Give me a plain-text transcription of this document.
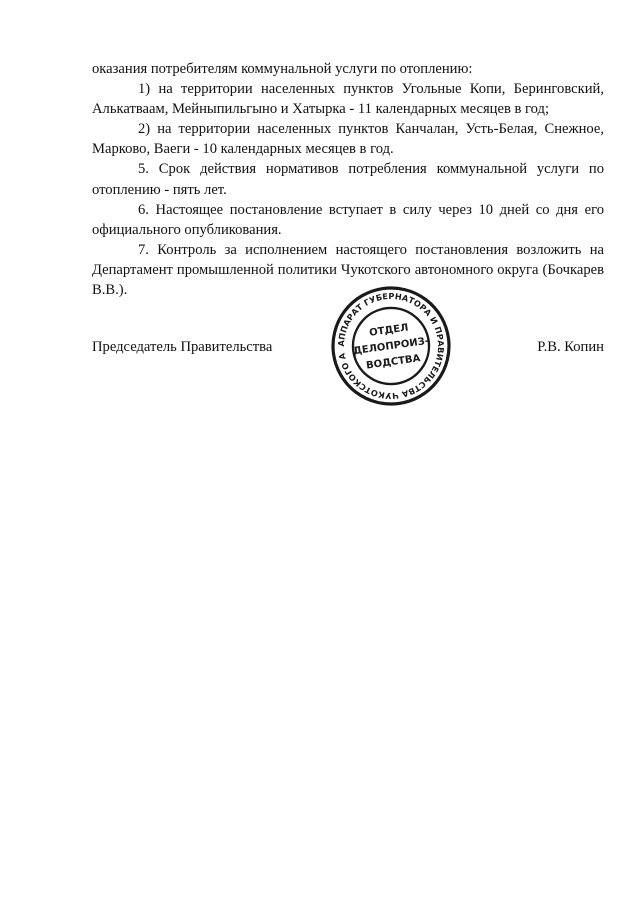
оказания потребителям коммунальной услуги по отоплению:

1) на территории населенных пунктов Угольные Копи, Беринговский, Алькатваам, Мейныпильгыно и Хатырка - 11 календарных месяцев в год;

2) на территории населенных пунктов Канчалан, Усть-Белая, Снежное, Марково, Ваеги - 10 календарных месяцев в год.

5. Срок действия нормативов потребления коммунальной услуги по отоплению - пять лет.

6. Настоящее постановление вступает в силу через 10 дней со дня его официального опубликования.

7. Контроль за исполнением настоящего постановления возложить на Департамент промышленной политики Чукотского автономного округа (Бочкарев В.В.).

Председатель Правительства	Р.В. Копин
АППАРАТ ГУБЕРНАТОРА И ПРАВИТЕЛЬСТВА ЧУКОТСКОГО АВТОНОМНОГО
ОТДЕЛ
ДЕЛОПРОИЗ-
ВОДСТВА
